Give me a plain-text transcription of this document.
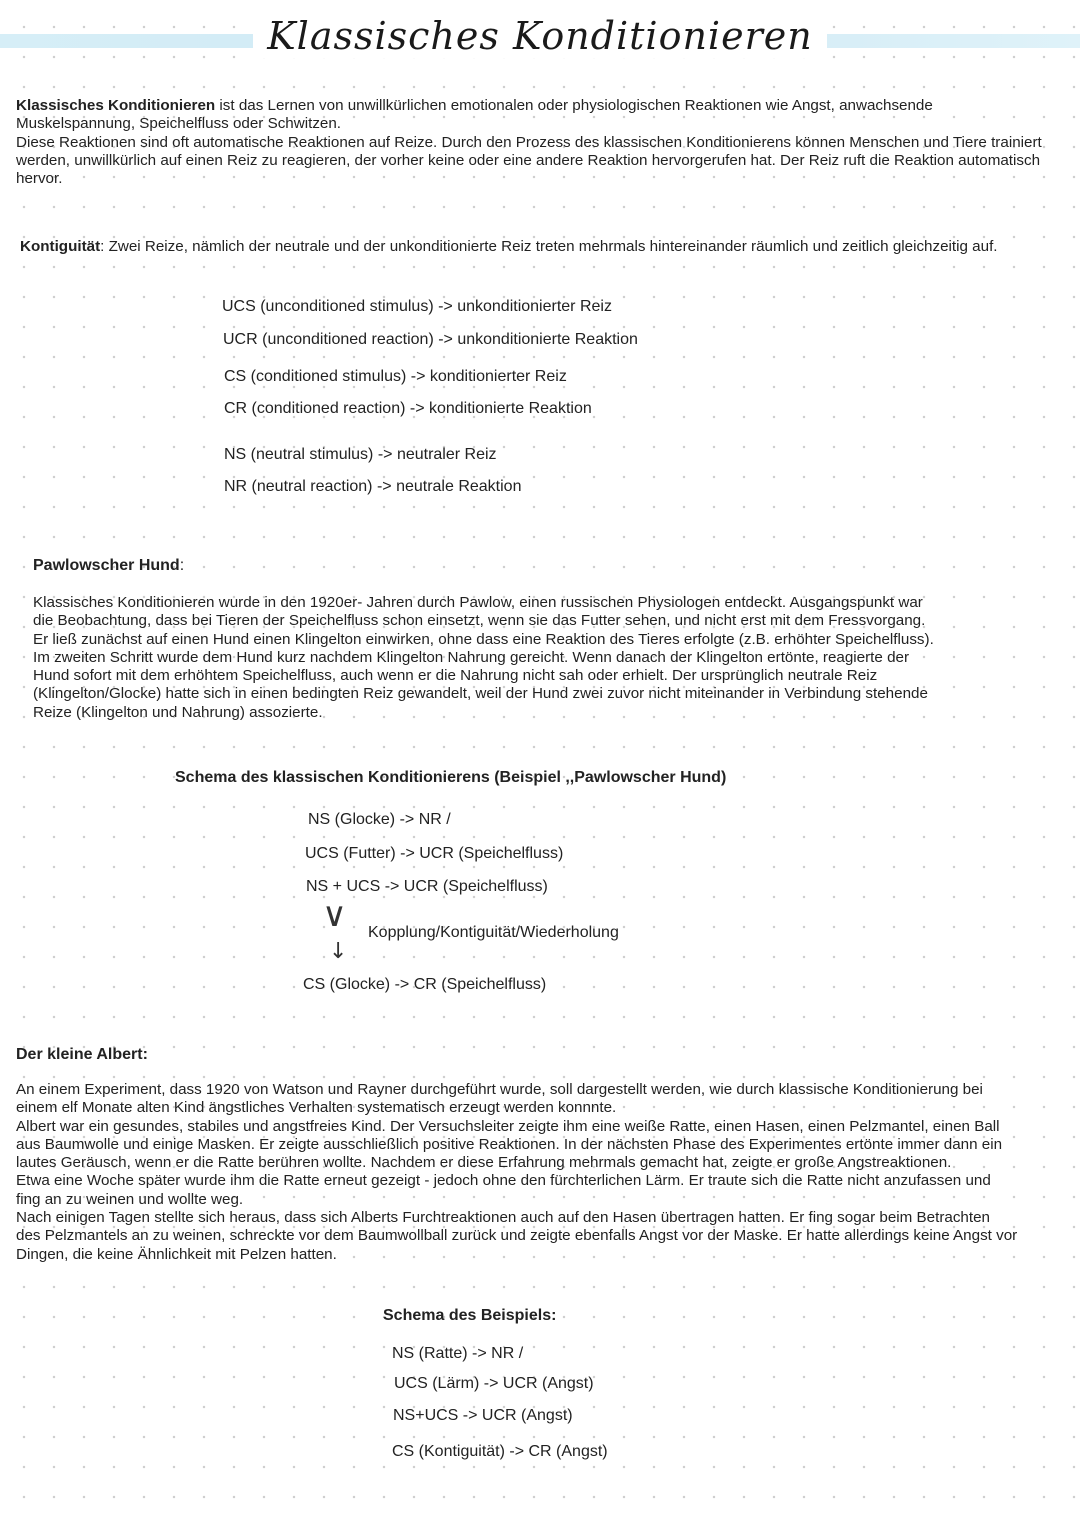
Klassisches Konditionieren

Klassisches Konditionieren ist das Lernen von unwillkürlichen emotionalen oder physiologischen Reaktionen wie Angst, anwachsende Muskelspannung, Speichelfluss oder Schwitzen.

Diese Reaktionen sind oft automatische Reaktionen auf Reize. Durch den Prozess des klassischen Konditionierens können Menschen und Tiere trainiert werden, unwillkürlich auf einen Reiz zu reagieren, der vorher keine oder eine andere Reaktion hervorgerufen hat. Der Reiz ruft die Reaktion automatisch hervor.

Kontiguität: Zwei Reize, nämlich der neutrale und der unkonditionierte Reiz treten mehrmals hintereinander räumlich und zeitlich gleichzeitig auf.
UCS (unconditioned stimulus) -> unkonditionierter Reiz
UCR (unconditioned reaction) -> unkonditionierte Reaktion
CS (conditioned stimulus) -> konditionierter Reiz
CR (conditioned reaction) -> konditionierte Reaktion
NS (neutral stimulus) -> neutraler Reiz
NR (neutral reaction) -> neutrale Reaktion
Pawlowscher Hund:

Klassisches Konditionieren wurde in den 1920er- Jahren durch Pawlow, einen russischen Physiologen entdeckt. Ausgangspunkt war

die Beobachtung, dass bei Tieren der Speichelfluss schon einsetzt, wenn sie das Futter sehen, und nicht erst mit dem Fressvorgang.

Er ließ zunächst auf einen Hund einen Klingelton einwirken, ohne dass eine Reaktion des Tieres erfolgte (z.B. erhöhter Speichelfluss).

Im zweiten Schritt wurde dem Hund kurz nachdem Klingelton Nahrung gereicht. Wenn danach der Klingelton ertönte, reagierte der

Hund sofort mit dem erhöhtem Speichelfluss, auch wenn er die Nahrung nicht sah oder erhielt. Der ursprünglich neutrale Reiz

(Klingelton/Glocke) hatte sich in einen bedingten Reiz gewandelt, weil der Hund zwei zuvor nicht miteinander in Verbindung stehende

Reize (Klingelton und Nahrung) assozierte.

Schema des klassischen Konditionierens (Beispiel ,,Pawlowscher Hund)
NS (Glocke) -> NR /
UCS (Futter) -> UCR (Speichelfluss)
NS + UCS -> UCR (Speichelfluss)
∨
↓
Kopplung/Kontiguität/Wiederholung
CS (Glocke) -> CR (Speichelfluss)
Der kleine Albert:

An einem Experiment, dass 1920 von Watson und Rayner durchgeführt wurde, soll dargestellt werden, wie durch klassische Konditionierung bei

einem elf Monate alten Kind ängstliches Verhalten systematisch erzeugt werden konnnte.

Albert war ein gesundes, stabiles und angstfreies Kind. Der Versuchsleiter zeigte ihm eine weiße Ratte, einen Hasen, einen Pelzmantel, einen Ball

aus Baumwolle und einige Masken. Er zeigte ausschließlich positive Reaktionen. In der nächsten Phase des Experimentes ertönte immer dann ein

lautes Geräusch, wenn er die Ratte berühren wollte. Nachdem er diese Erfahrung mehrmals gemacht hat, zeigte er große Angstreaktionen.

Etwa eine Woche später wurde ihm die Ratte erneut gezeigt - jedoch ohne den fürchterlichen Lärm. Er traute sich die Ratte nicht anzufassen und

fing an zu weinen und wollte weg.

Nach einigen Tagen stellte sich heraus, dass sich Alberts Furchtreaktionen auch auf den Hasen übertragen hatten. Er fing sogar beim Betrachten

des Pelzmantels an zu weinen, schreckte vor dem Baumwollball zurück und zeigte ebenfalls Angst vor der Maske. Er hatte allerdings keine Angst vor

Dingen, die keine Ähnlichkeit mit Pelzen hatten.

Schema des Beispiels:
NS (Ratte) -> NR /
UCS (Lärm) -> UCR (Angst)
NS+UCS -> UCR (Angst)
CS (Kontiguität) -> CR (Angst)
